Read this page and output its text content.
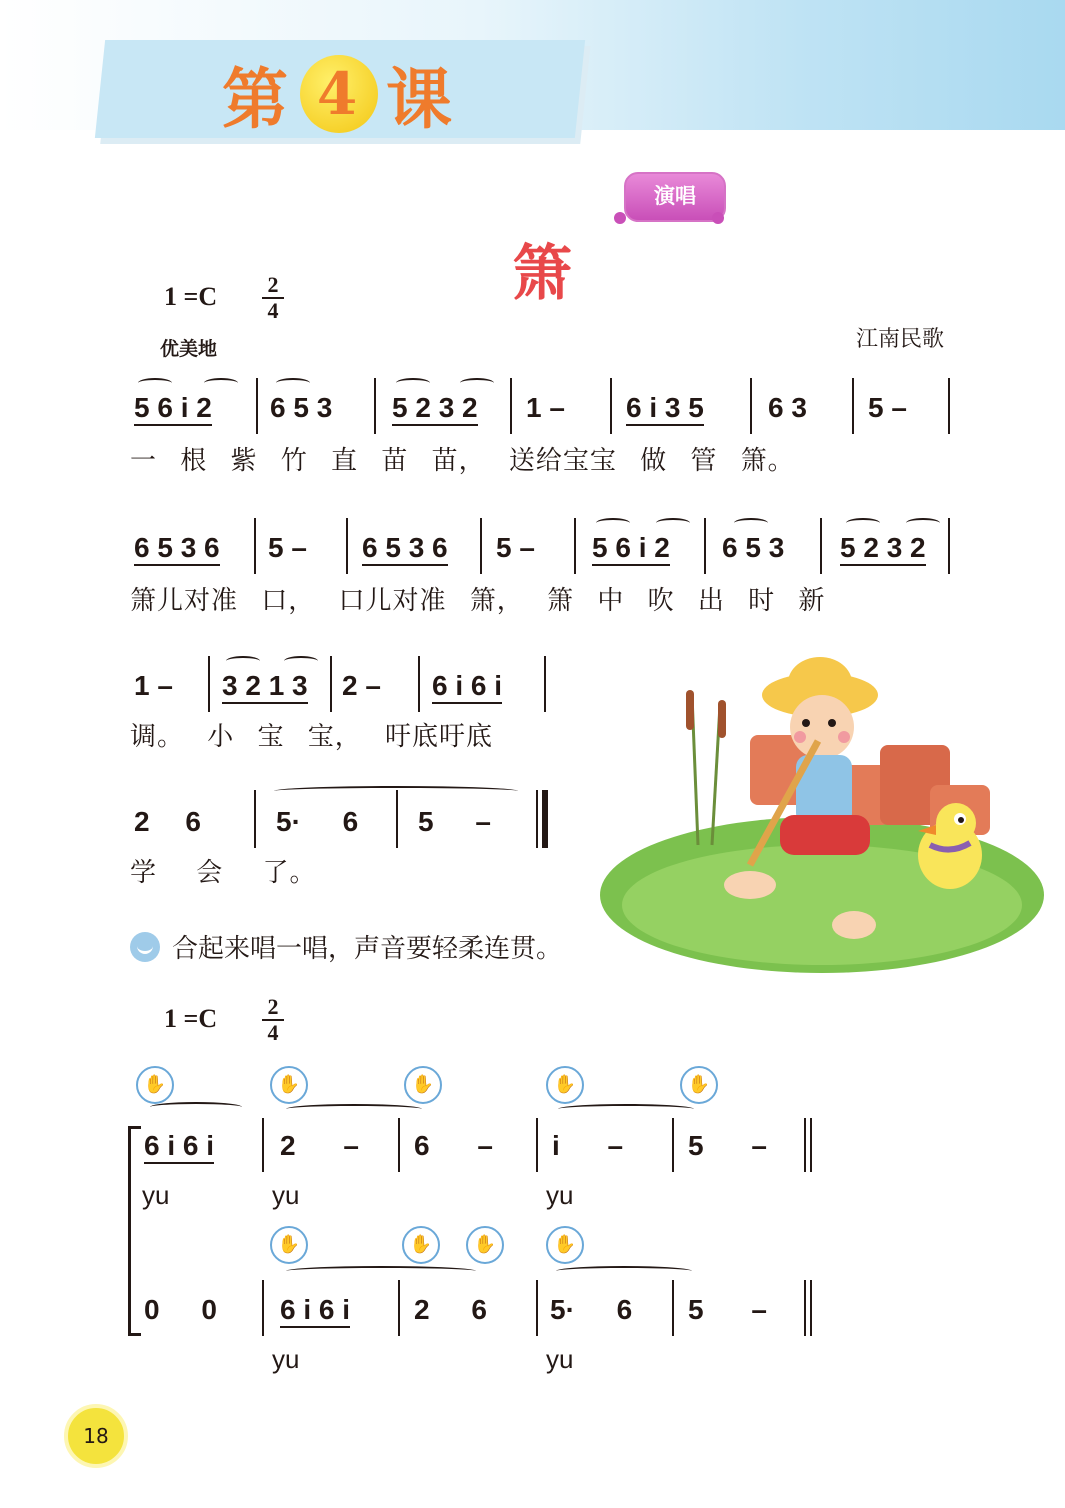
第 4 课
演唱
箫
1 =C 2
4
优美地	江南民歌
5 6 i 2 6 5 3 5 2 3 2 1 – 6 i 3 5 6 3 5 –
一 根 紫 竹 直 苗 苗， 送给宝宝 做 管 箫。
6 5 3 6 5 – 6 5 3 6 5 – 5 6 i 2 6 5 3 5 2 3 2
箫儿对准 口， 口儿对准 箫， 箫 中 吹 出 时 新
1 – 3 2 1 3 2 – 6 i 6 i
调。 小 宝 宝， 吁底吁底
2 6	5· 6 5 –
学 会 了。
合起来唱一唱，声音要轻柔连贯。
1 =C 2
4
✋	✋	✋	✋	✋
6 i 6 i 2 – 6 – i – 5 –
yu	yu	yu
✋	✋	✋	✋
0 0 6 i 6 i 2 6 5· 6 5 –
yu	yu
18
